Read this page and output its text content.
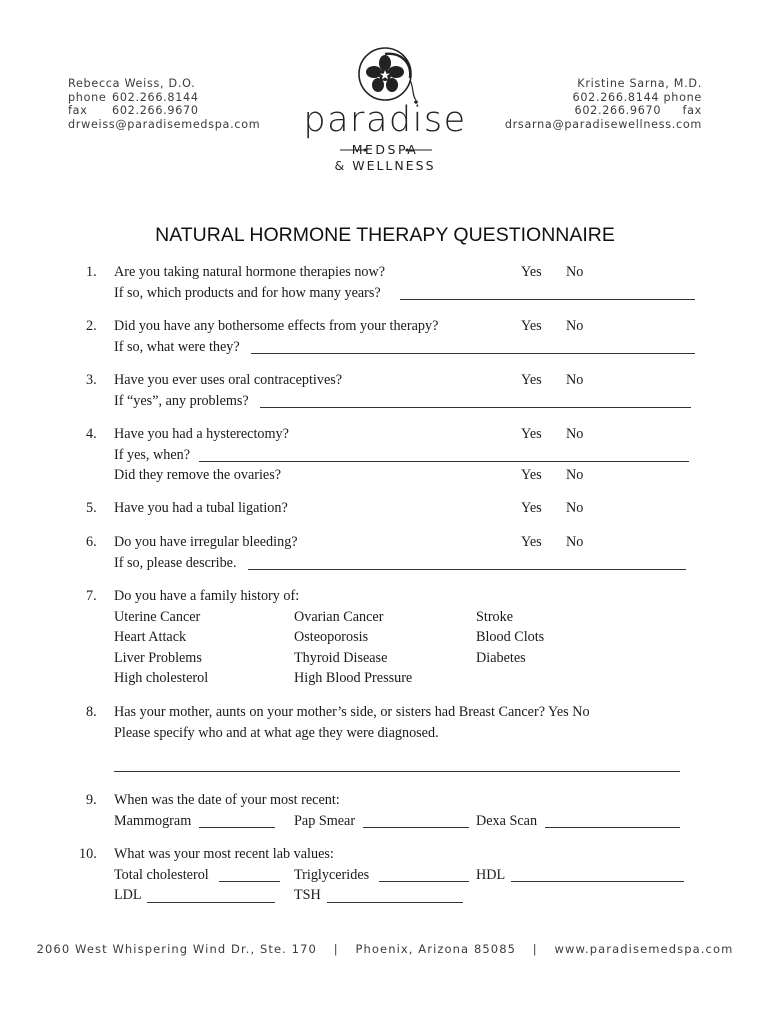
Rebecca Weiss, D.O.
phone 602.266.8144
fax 602.266.9670
drweiss@paradisemedspa.com
Kristine Sarna, M.D.
602.266.8144 phone
602.266.9670 fax
drsarna@paradisewellness.com
paradise
MEDSPA
& WELLNESS
NATURAL HORMONE THERAPY QUESTIONNAIRE
1. Are you taking natural hormone therapies now?	Yes No
If so, which products and for how many years?
2. Did you have any bothersome effects from your therapy?	Yes No
If so, what were they?
3. Have you ever uses oral contraceptives?	Yes No
If “yes”, any problems?
4. Have you had a hysterectomy?	Yes No
If yes, when?
Did they remove the ovaries?	Yes No
5. Have you had a tubal ligation?	Yes No
6. Do you have irregular bleeding?	Yes No
If so, please describe.
7. Do you have a family history of:
Uterine Cancer	Ovarian Cancer	Stroke
Heart Attack	Osteoporosis	Blood Clots
Liver Problems	Thyroid Disease	Diabetes
High cholesterol	High Blood Pressure
8. Has your mother, aunts on your mother’s side, or sisters had Breast Cancer? Yes No
Please specify who and at what age they were diagnosed.
9. When was the date of your most recent:
Mammogram	Pap Smear	Dexa Scan
10. What was your most recent lab values:
Total cholesterol	Triglycerides	HDL
LDL	TSH
2060 West Whispering Wind Dr., Ste. 170 | Phoenix, Arizona 85085 | www.paradisemedspa.com
